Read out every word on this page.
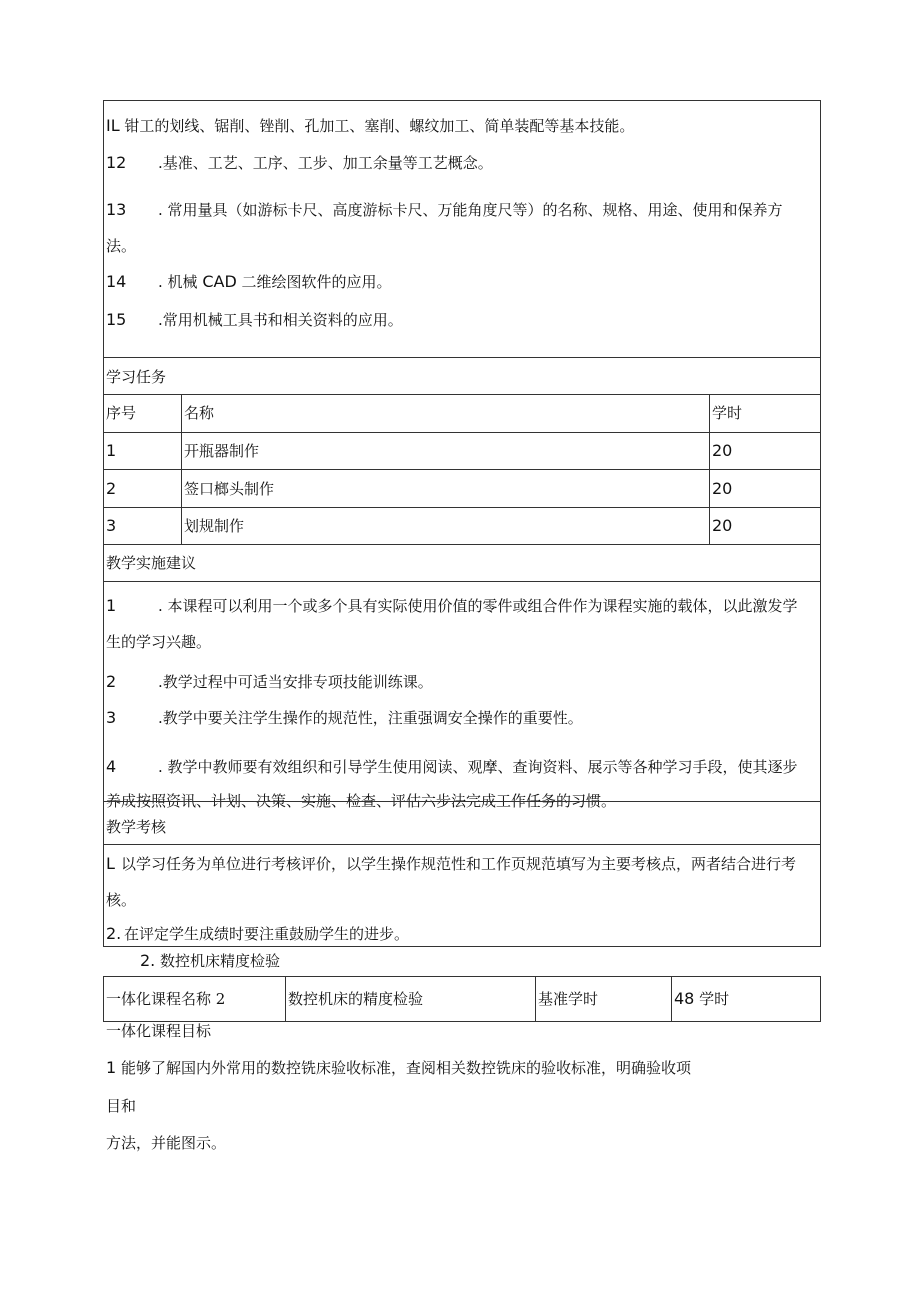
IL 钳工的划线、锯削、锉削、孔加工、塞削、螺纹加工、简单装配等基本技能。
12 .基准、工艺、工序、工步、加工余量等工艺概念。
13 . 常用量具（如游标卡尺、高度游标卡尺、万能角度尺等）的名称、规格、用途、使用和保养方
法。
14 . 机械 CAD 二维绘图软件的应用。
15 .常用机械工具书和相关资料的应用。
学习任务
序号	名称	学时
1	开瓶器制作	20
2	签口榔头制作	20
3	划规制作	20
教学实施建议
1	. 本课程可以利用一个或多个具有实际使用价值的零件或组合件作为课程实施的载体，以此激发学
生的学习兴趣。
2	.教学过程中可适当安排专项技能训练课。
3	.教学中要关注学生操作的规范性，注重强调安全操作的重要性。
4	. 教学中教师要有效组织和引导学生使用阅读、观摩、查询资料、展示等各种学习手段，使其逐步
养成按照资讯、计划、决策、实施、检查、评估六步法完成工作任务的习惯。
教学考核
L 以学习任务为单位进行考核评价，以学生操作规范性和工作页规范填写为主要考核点，两者结合进行考
核。
2. 在评定学生成绩时要注重鼓励学生的进步。
2. 数控机床精度检验
一体化课程名称 2	数控机床的精度检验	基准学时	48 学时
一体化课程目标
1 能够了解国内外常用的数控铣床验收标准，查阅相关数控铣床的验收标准，明确验收项
目和
方法，并能图示。
